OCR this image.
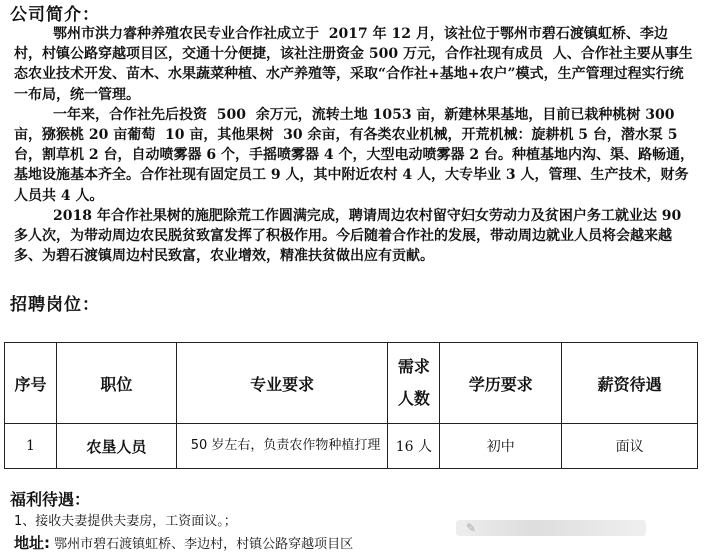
公司简介：

鄂州市洪力睿种养殖农民专业合作社成立于  2017 年 12 月，该社位于鄂州市碧石渡镇虹桥、李边村，村镇公路穿越项目区，交通十分便捷，该社注册资金 500 万元，合作社现有成员  人、合作社主要从事生态农业技术开发、苗木、水果蔬菜种植、水产养殖等，采取“合作社+基地+农户”模式，生产管理过程实行统一布局，统一管理。

一年来，合作社先后投资  500  余万元，流转土地 1053 亩，新建林果基地，目前已栽种桃树 300 亩，猕猴桃 20 亩葡萄  10 亩，其他果树  30 余亩，有各类农业机械，开荒机械：旋耕机 5 台，潜水泵 5 台，割草机 2 台，自动喷雾器 6 个，手摇喷雾器 4 个，大型电动喷雾器 2 台。种植基地内沟、渠、路畅通，基地设施基本齐全。合作社现有固定员工 9 人，其中附近农村 4 人，大专毕业 3 人，管理、生产技术，财务人员共 4 人。

2018 年合作社果树的施肥除荒工作圆满完成，聘请周边农村留守妇女劳动力及贫困户务工就业达 90 多人次，为带动周边农民脱贫致富发挥了积极作用。今后随着合作社的发展，带动周边就业人员将会越来越多、为碧石渡镇周边村民致富，农业增效，精准扶贫做出应有贡献。

招聘岗位：
序号	职位	专业要求	需求人数	学历要求	薪资待遇
1	农垦人员	50 岁左右，负责农作物种植打理	16 人	初中	面议
福利待遇：
1、接收夫妻提供夫妻房，工资面议。；	✎
地址: 鄂州市碧石渡镇虹桥、李边村，村镇公路穿越项目区
